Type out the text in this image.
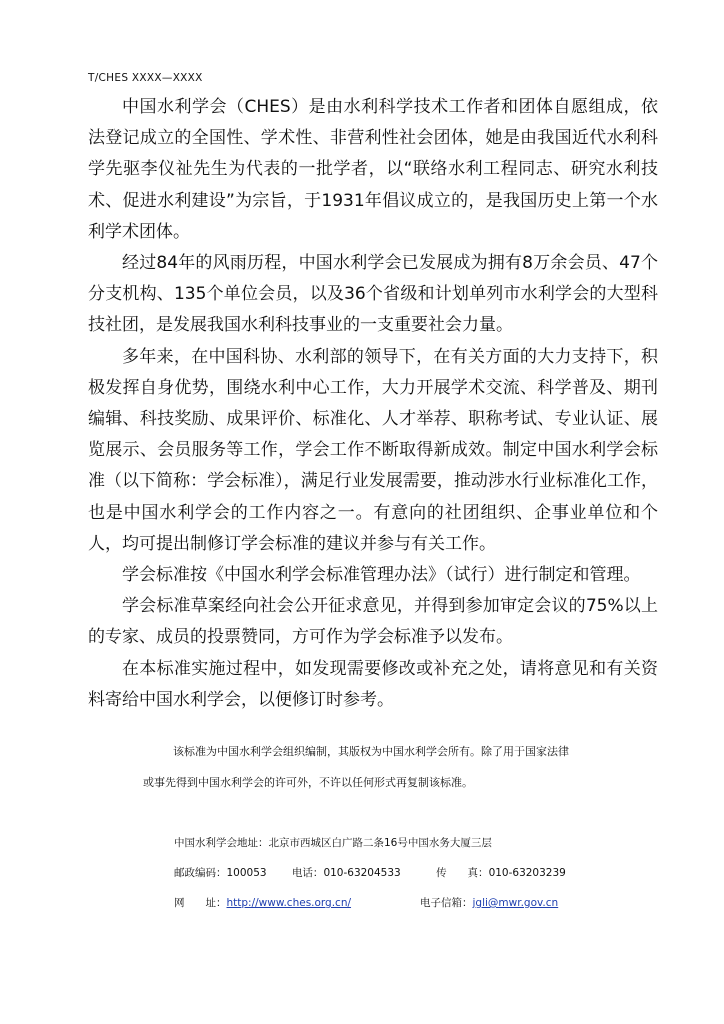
T/CHES XXXX—XXXX

中国水利学会（CHES）是由水利科学技术工作者和团体自愿组成，依法登记成立的全国性、学术性、非营利性社会团体，她是由我国近代水利科学先驱李仪祉先生为代表的一批学者，以“联络水利工程同志、研究水利技术、促进水利建设”为宗旨，于1931年倡议成立的，是我国历史上第一个水利学术团体。

经过84年的风雨历程，中国水利学会已发展成为拥有8万余会员、47个分支机构、135个单位会员，以及36个省级和计划单列市水利学会的大型科技社团，是发展我国水利科技事业的一支重要社会力量。

多年来，在中国科协、水利部的领导下，在有关方面的大力支持下，积极发挥自身优势，围绕水利中心工作，大力开展学术交流、科学普及、期刊编辑、科技奖励、成果评价、标准化、人才举荐、职称考试、专业认证、展览展示、会员服务等工作，学会工作不断取得新成效。制定中国水利学会标准（以下简称：学会标准），满足行业发展需要，推动涉水行业标准化工作，也是中国水利学会的工作内容之一。有意向的社团组织、企事业单位和个人，均可提出制修订学会标准的建议并参与有关工作。

学会标准按《中国水利学会标准管理办法》（试行）进行制定和管理。

学会标准草案经向社会公开征求意见，并得到参加审定会议的75%以上的专家、成员的投票赞同，方可作为学会标准予以发布。

在本标准实施过程中，如发现需要修改或补充之处，请将意见和有关资料寄给中国水利学会，以便修订时参考。

该标准为中国水利学会组织编制，其版权为中国水利学会所有。除了用于国家法律或事先得到中国水利学会的许可外，不许以任何形式再复制该标准。

中国水利学会地址：北京市西城区白广路二条16号中国水务大厦三层
邮政编码：100053 电话：010-63204533	传　　真：010-63203239
网　　址：http://www.ches.org.cn/	电子信箱：jgli@mwr.gov.cn
